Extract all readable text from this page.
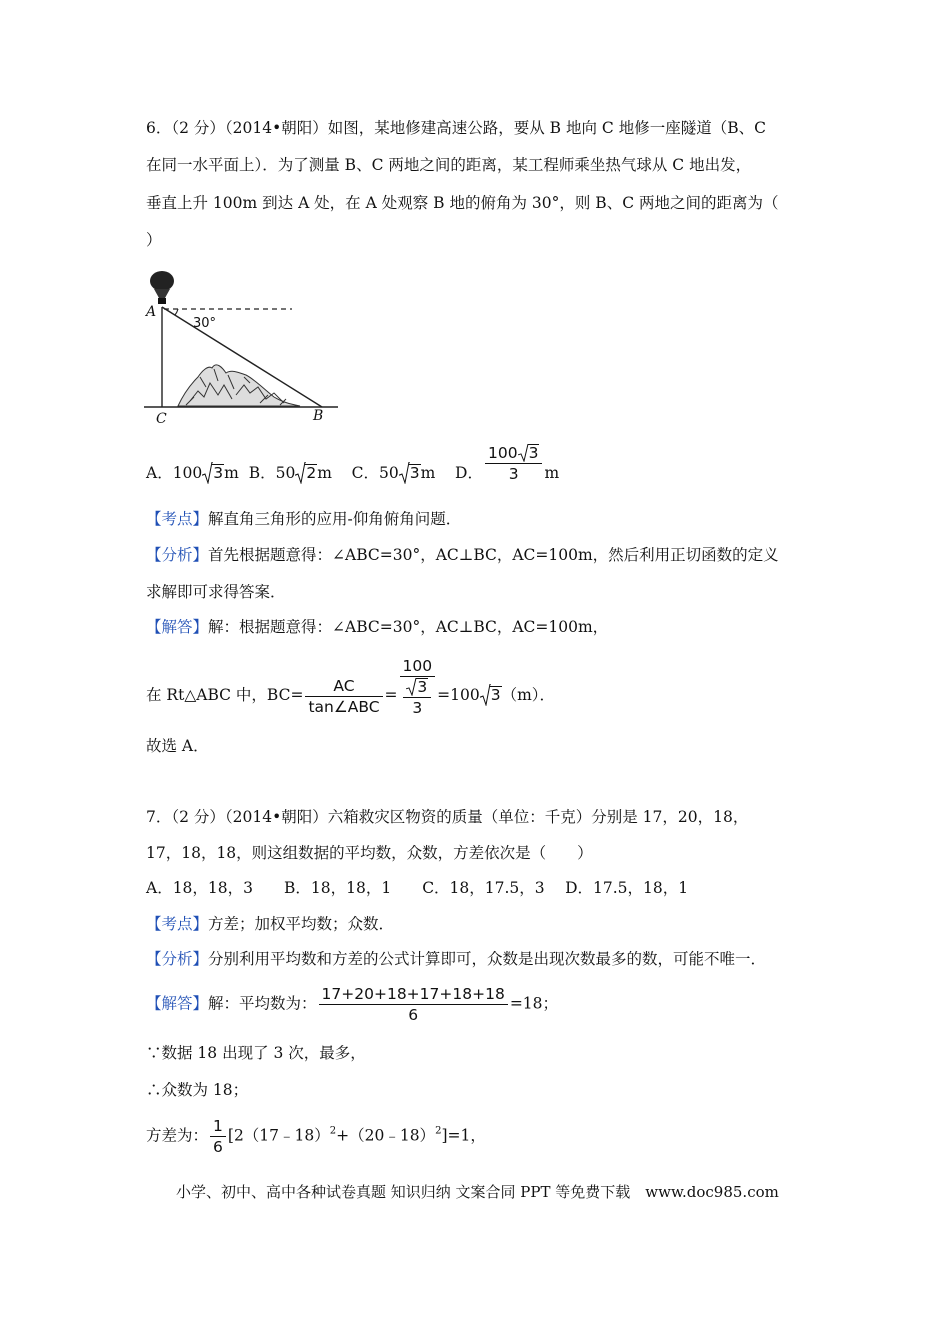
6．（2 分）（2014•朝阳）如图，某地修建高速公路，要从 B 地向 C 地修一座隧道（B、C
在同一水平面上）．为了测量 B、C 两地之间的距离，某工程师乘坐热气球从 C 地出发，
垂直上升 100m 到达 A 处，在 A 处观察 B 地的俯角为 30°，则 B、C 两地之间的距离为（
）
A
30°
C	B
A．100 3m B．50 2m C．50 3m D． $\frac{100 3}{3}$ m
【考点】解直角三角形的应用-仰角俯角问题．
【分析】首先根据题意得：∠ABC=30°，AC⊥BC，AC=100m，然后利用正切函数的定义
求解即可求得答案．
【解答】解：根据题意得：∠ABC=30°，AC⊥BC，AC=100m，
在 Rt△ABC 中，$BC= \frac{AC}{\text{tan∠ABC}} = \frac{100}{\frac{3}{3}} =100$ 3（m）．
故选 A．
7．（2 分）（2014•朝阳）六箱救灾区物资的质量（单位：千克）分别是 17，20，18，
17，18，18，则这组数据的平均数，众数，方差依次是（　　）
A．18，18，3　　B．18，18，1　　C．18，17.5，3　 D．17.5，18，1
【考点】方差；加权平均数；众数．
【分析】分别利用平均数和方差的公式计算即可，众数是出现次数最多的数，可能不唯一．
【解答】解：平均数为： $\frac{17+20+18+17+18+18}{6} =18$；
∵数据 18 出现了 3 次，最多，
∴众数为 18；
方差为： $\frac{1}{6}$ [2（17﹣18）$^2$+（20﹣18）$^2$]=1，
小学、初中、高中各种试卷真题 知识归纳 文案合同 PPT 等免费下载　www.doc985.com
